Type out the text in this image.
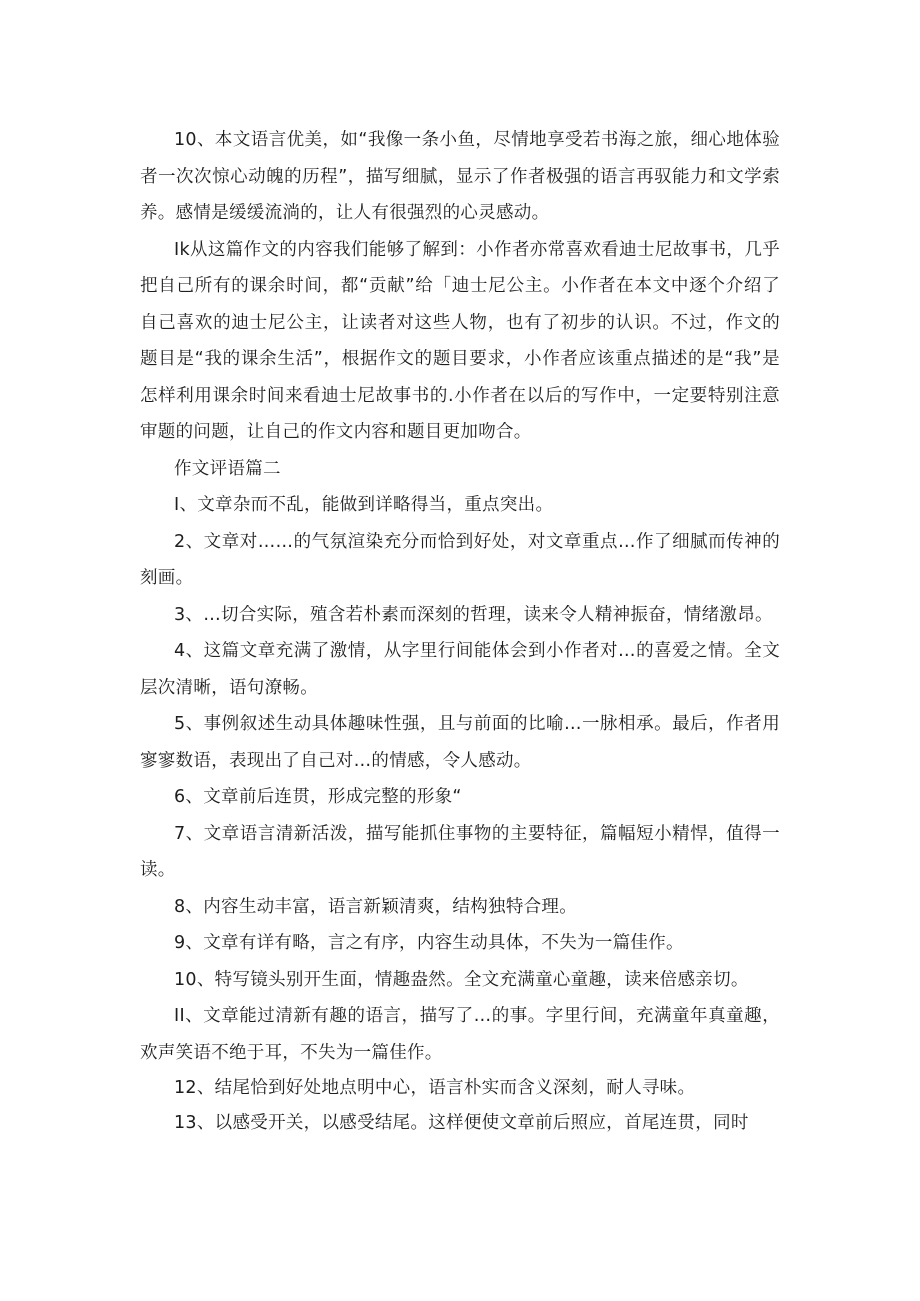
10、本文语言优美，如“我像一条小鱼，尽情地享受若书海之旅，细心地体验者一次次惊心动魄的历程”，描写细腻，显示了作者极强的语言再驭能力和文学索养。感情是缓缓流淌的，让人有很强烈的心灵感动。

Ik从这篇作文的内容我们能够了解到：小作者亦常喜欢看迪士尼故事书，几乎把自己所有的课余时间，都“贡献”给「迪士尼公主。小作者在本文中逐个介绍了自己喜欢的迪士尼公主，让读者对这些人物，也有了初步的认识。不过，作文的题目是“我的课余生活”，根据作文的题目要求，小作者应该重点描述的是“我”是怎样利用课余时间来看迪士尼故事书的.小作者在以后的写作中，一定要特别注意审题的问题，让自己的作文内容和题目更加吻合。

作文评语篇二

I、文章杂而不乱，能做到详略得当，重点突出。

2、文章对……的气氛渲染充分而恰到好处，对文章重点…作了细腻而传神的刻画。

3、…切合实际，殖含若朴素而深刻的哲理，读来令人精神振奋，情绪激昂。

4、这篇文章充满了激情，从字里行间能体会到小作者对…的喜爱之情。全文层次清晰，语句潦畅。

5、事例叙述生动具体趣味性强，且与前面的比喻…一脉相承。最后，作者用寥寥数语，表现出了自己对…的情感，令人感动。

6、文章前后连贯，形成完整的形象“

7、文章语言清新活泼，描写能抓住事物的主要特征，篇幅短小精悍，值得一读。

8、内容生动丰富，语言新颖清爽，结构独特合理。

9、文章有详有略，言之有序，内容生动具体，不失为一篇佳作。

10、特写镜头别开生面，情趣盎然。全文充满童心童趣，读来倍感亲切。

II、文章能过清新有趣的语言，描写了…的事。字里行间，充满童年真童趣，欢声笑语不绝于耳，不失为一篇佳作。

12、结尾恰到好处地点明中心，语言朴实而含义深刻，耐人寻味。

13、以感受开关，以感受结尾。这样便使文章前后照应，首尾连贯，同时
